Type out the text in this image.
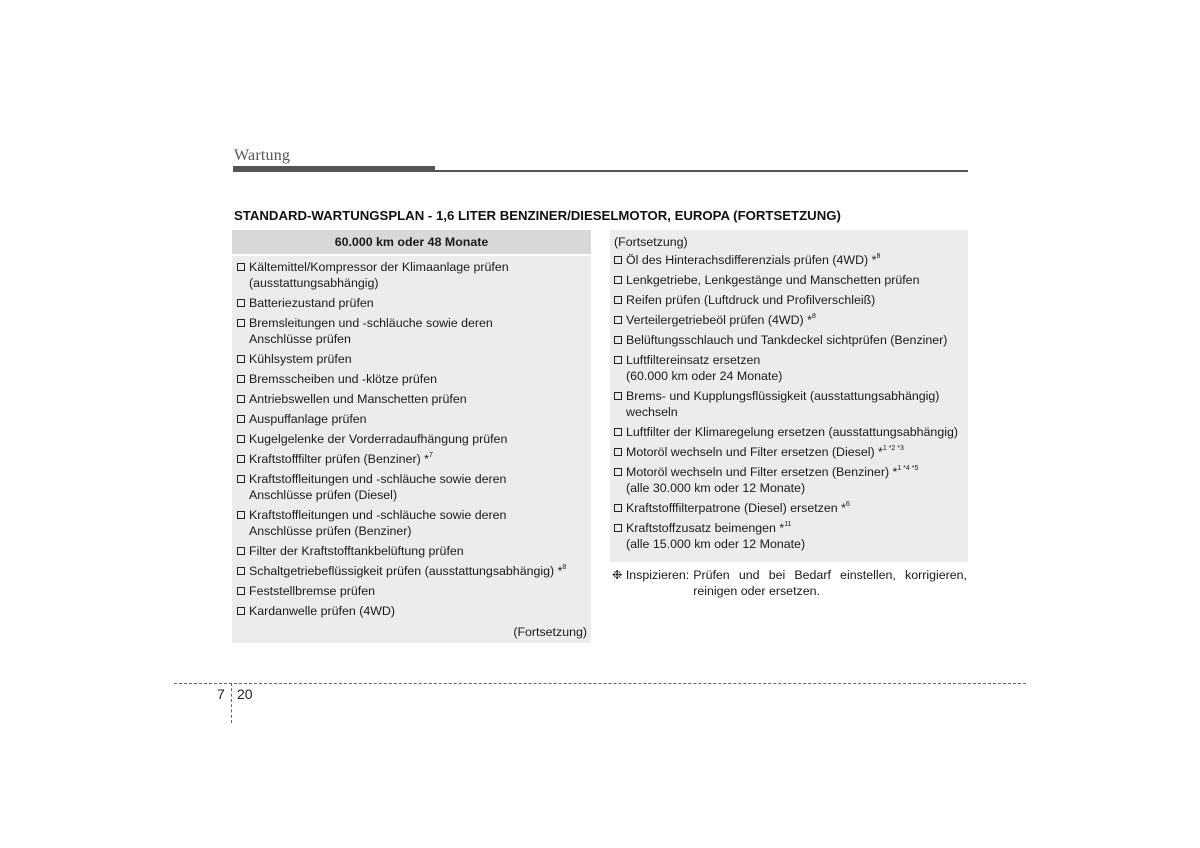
Wartung
STANDARD-WARTUNGSPLAN - 1,6 LITER BENZINER/DIESELMOTOR, EUROPA (FORTSETZUNG)
60.000 km oder 48 Monate
Kältemittel/Kompressor der Klimaanlage prüfen
(ausstattungsabhängig)
Batteriezustand prüfen
Bremsleitungen und -schläuche sowie deren
Anschlüsse prüfen
Kühlsystem prüfen
Bremsscheiben und -klötze prüfen
Antriebswellen und Manschetten prüfen
Auspuffanlage prüfen
Kugelgelenke der Vorderradaufhängung prüfen
Kraftstofffilter prüfen (Benziner) *$^7$
Kraftstoffleitungen und -schläuche sowie deren
Anschlüsse prüfen (Diesel)
Kraftstoffleitungen und -schläuche sowie deren
Anschlüsse prüfen (Benziner)
Filter der Kraftstofftankbelüftung prüfen
Schaltgetriebeflüssigkeit prüfen (ausstattungsabhängig) *$^8$
Feststellbremse prüfen
Kardanwelle prüfen (4WD)
(Fortsetzung)
(Fortsetzung)
Öl des Hinterachsdifferenzials prüfen (4WD) *$^8$
Lenkgetriebe, Lenkgestänge und Manschetten prüfen
Reifen prüfen (Luftdruck und Profilverschleiß)
Verteilergetriebeöl prüfen (4WD) *$^8$
Belüftungsschlauch und Tankdeckel sichtprüfen (Benziner)
Luftfiltereinsatz ersetzen
(60.000 km oder 24 Monate)
Brems- und Kupplungsflüssigkeit (ausstattungsabhängig)
wechseln
Luftfilter der Klimaregelung ersetzen (ausstattungsabhängig)
Motoröl wechseln und Filter ersetzen (Diesel) *$^{1 *2 *3}$
Motoröl wechseln und Filter ersetzen (Benziner) *$^{1 *4 *5}$
(alle 30.000 km oder 12 Monate)
Kraftstofffilterpatrone (Diesel) ersetzen *$^6$
Kraftstoffzusatz beimengen *$^{11}$
(alle 15.000 km oder 12 Monate)
❉ Inspizieren: Prüfen und bei Bedarf einstellen, korrigieren, reinigen oder ersetzen.
7 20
